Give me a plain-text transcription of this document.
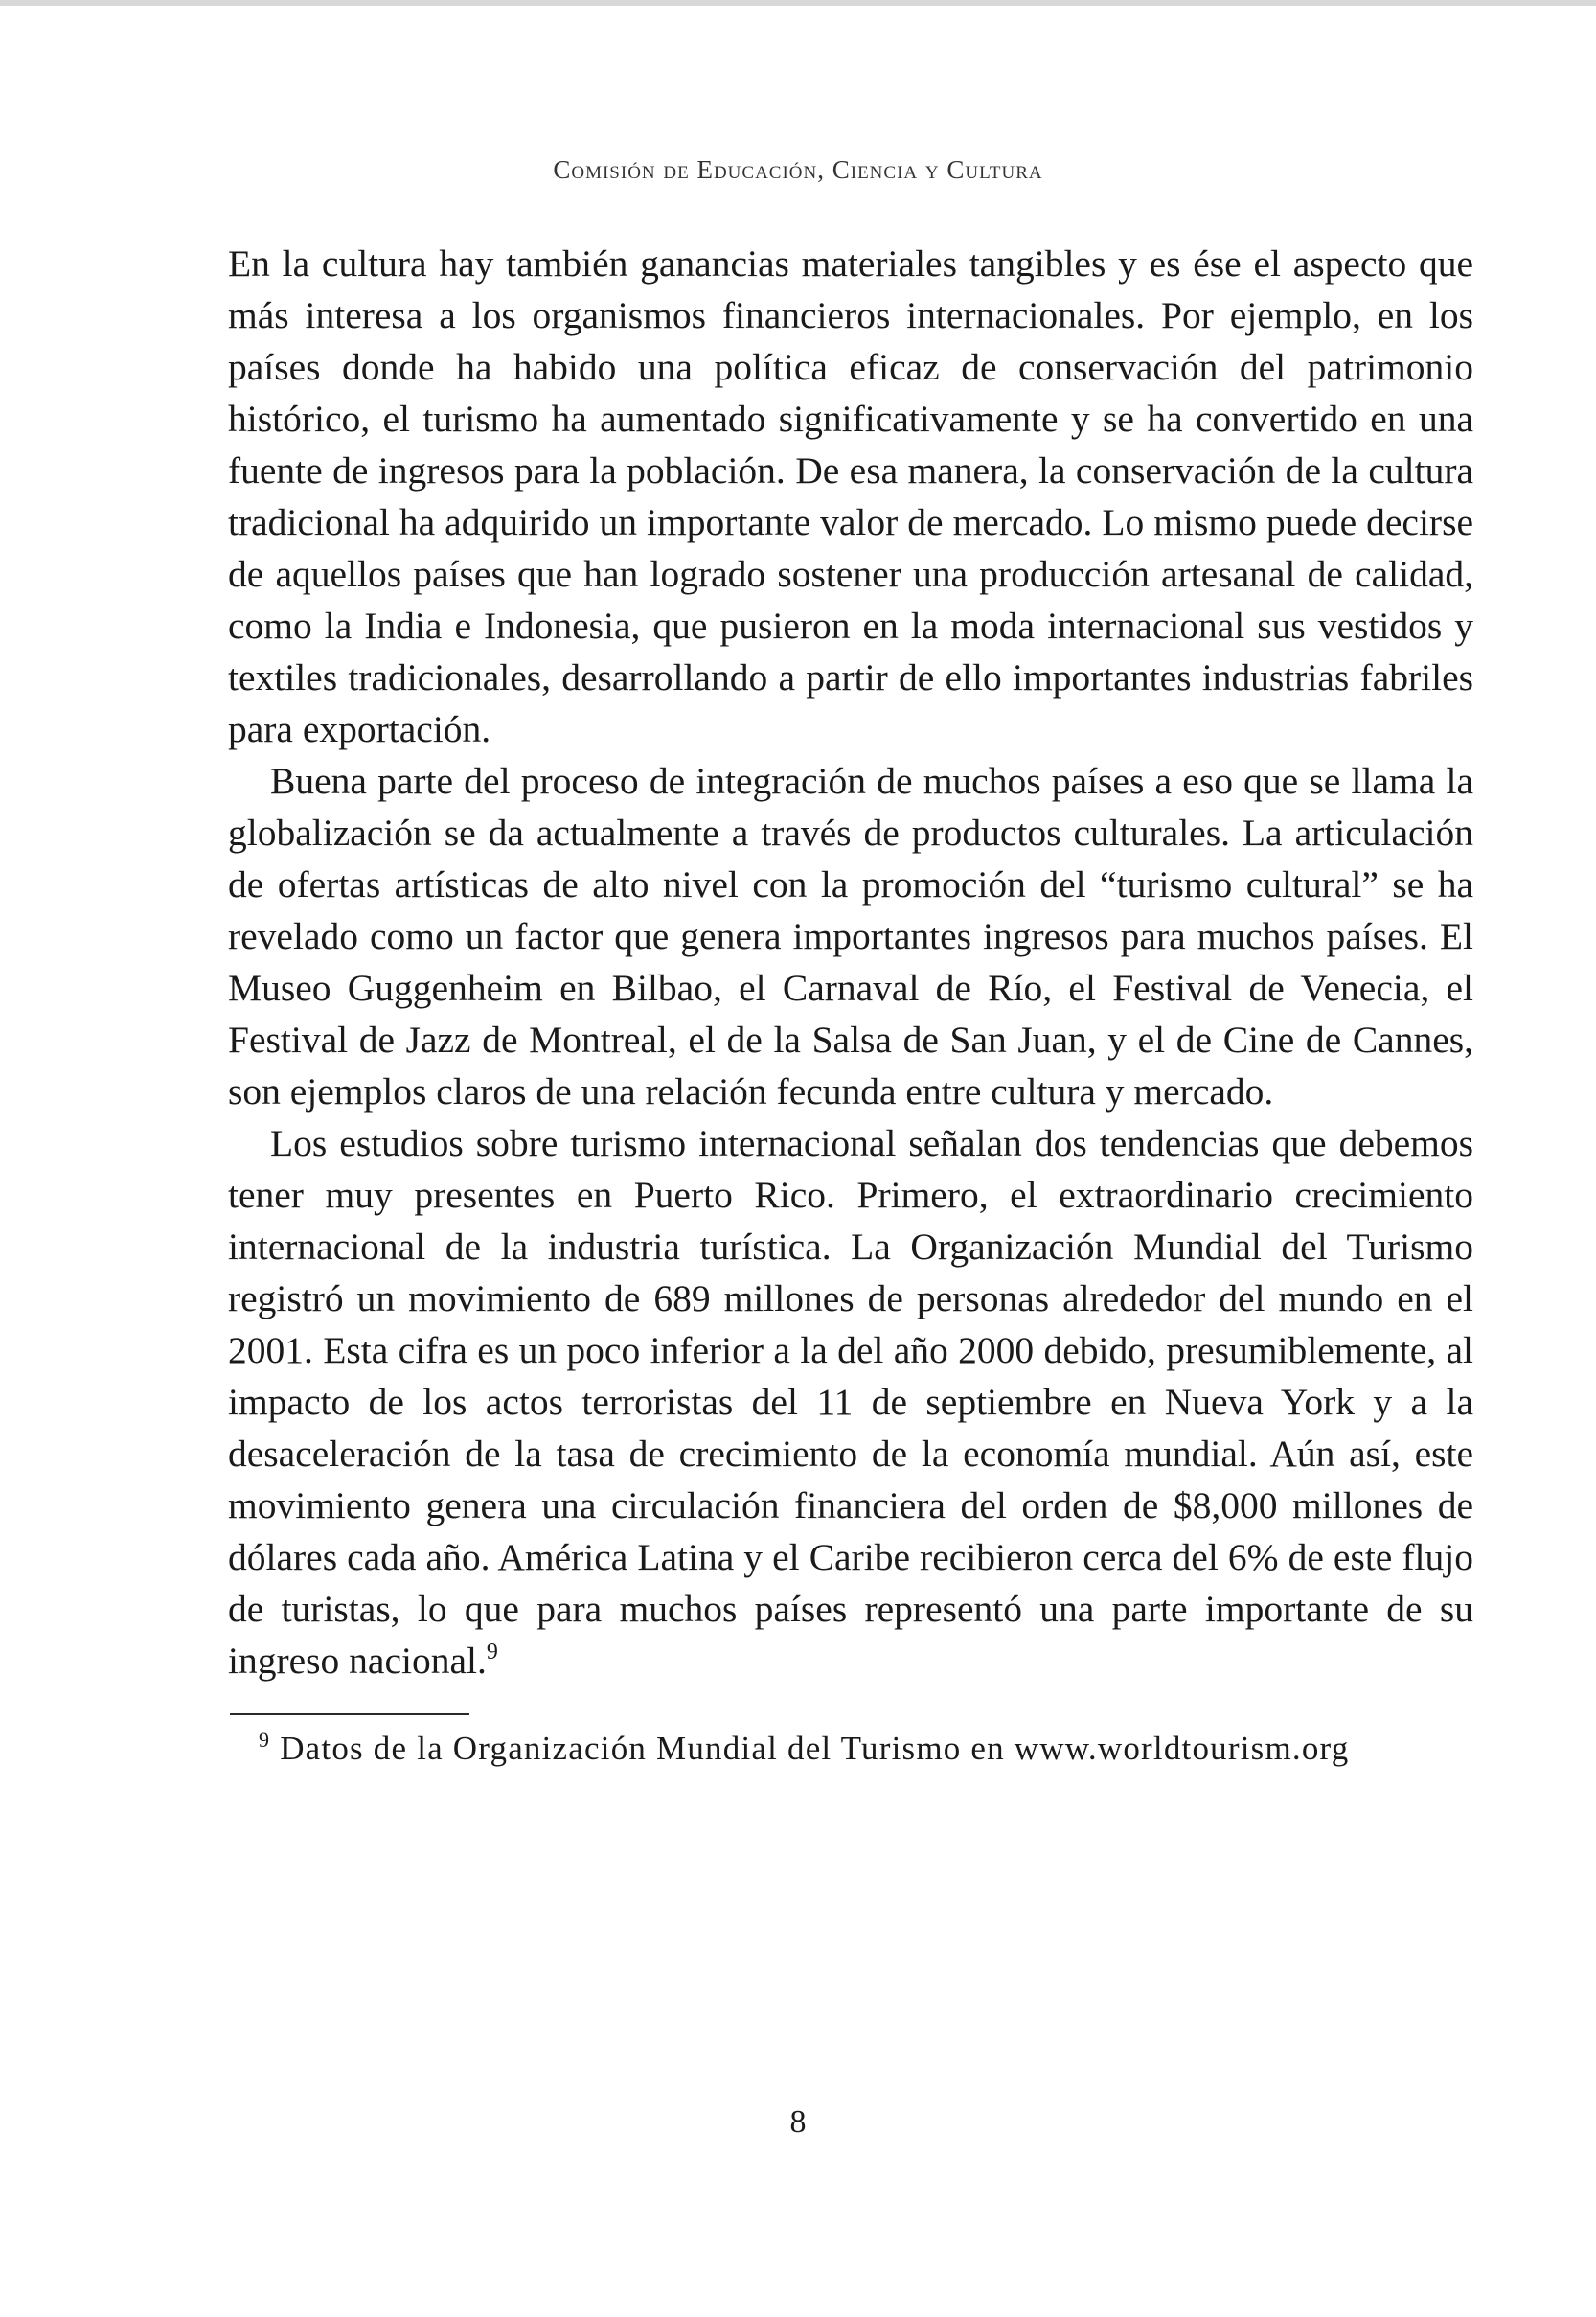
Comisión de Educación, Ciencia y Cultura

En la cultura hay también ganancias materiales tangibles y es ése el aspecto que más interesa a los organismos financieros internacionales. Por ejemplo, en los países donde ha habido una política eficaz de conservación del patrimonio histórico, el turismo ha aumentado significativamente y se ha convertido en una fuente de ingresos para la población. De esa manera, la conservación de la cultura tradicional ha adquirido un importante valor de mercado. Lo mismo puede decirse de aquellos países que han logrado sostener una producción artesanal de calidad, como la India e Indonesia, que pusieron en la moda internacional sus vestidos y textiles tradicionales, desarrollando a partir de ello importantes industrias fabriles para exportación.

Buena parte del proceso de integración de muchos países a eso que se llama la globalización se da actualmente a través de productos culturales. La articulación de ofertas artísticas de alto nivel con la promoción del “turismo cultural” se ha revelado como un factor que genera importantes ingresos para muchos países. El Museo Guggenheim en Bilbao, el Carnaval de Río, el Festival de Venecia, el Festival de Jazz de Montreal, el de la Salsa de San Juan, y el de Cine de Cannes, son ejemplos claros de una relación fecunda entre cultura y mercado.

Los estudios sobre turismo internacional señalan dos tendencias que debemos tener muy presentes en Puerto Rico. Primero, el extraordinario crecimiento internacional de la industria turística. La Organización Mundial del Turismo registró un movimiento de 689 millones de personas alrededor del mundo en el 2001. Esta cifra es un poco inferior a la del año 2000 debido, presumiblemente, al impacto de los actos terroristas del 11 de septiembre en Nueva York y a la desaceleración de la tasa de crecimiento de la economía mundial. Aún así, este movimiento genera una circulación financiera del orden de $8,000 millones de dólares cada año. América Latina y el Caribe recibieron cerca del 6% de este flujo de turistas, lo que para muchos países representó una parte importante de su ingreso nacional.$^9$

$^9$ Datos de la Organización Mundial del Turismo en www.worldtourism.org
8
